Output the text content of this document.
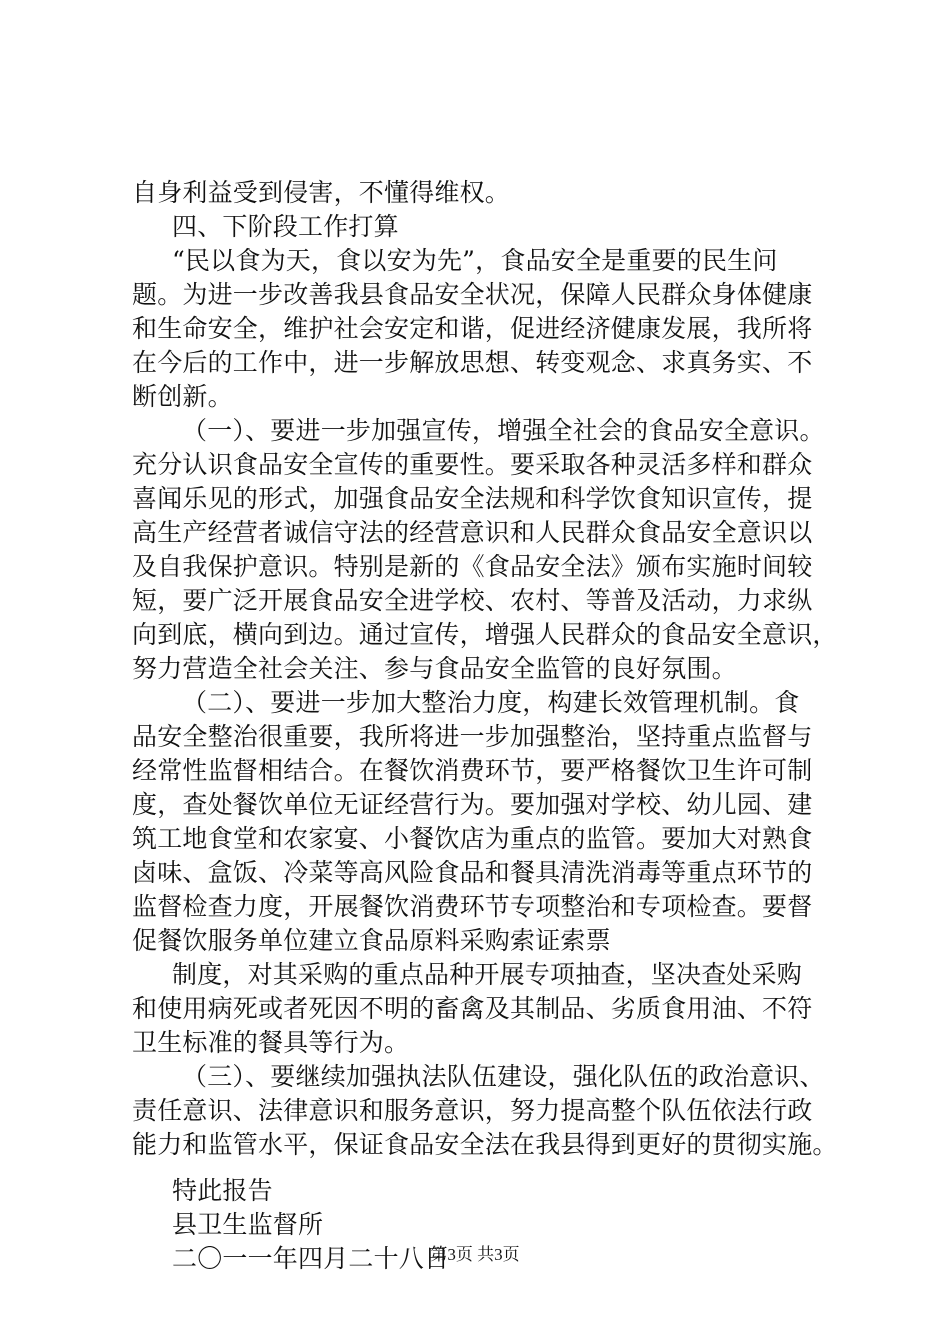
自身利益受到侵害，不懂得维权。
四、下阶段工作打算
“民以食为天，食以安为先”，食品安全是重要的民生问
题。为进一步改善我县食品安全状况，保障人民群众身体健康
和生命安全，维护社会安定和谐，促进经济健康发展，我所将
在今后的工作中，进一步解放思想、转变观念、求真务实、不
断创新。
（一）、要进一步加强宣传，增强全社会的食品安全意识。
充分认识食品安全宣传的重要性。要采取各种灵活多样和群众
喜闻乐见的形式，加强食品安全法规和科学饮食知识宣传，提
高生产经营者诚信守法的经营意识和人民群众食品安全意识以
及自我保护意识。特别是新的《食品安全法》颁布实施时间较
短，要广泛开展食品安全进学校、农村、等普及活动，力求纵
向到底，横向到边。通过宣传，增强人民群众的食品安全意识，
努力营造全社会关注、参与食品安全监管的良好氛围。
（二）、要进一步加大整治力度，构建长效管理机制。食
品安全整治很重要，我所将进一步加强整治，坚持重点监督与
经常性监督相结合。在餐饮消费环节，要严格餐饮卫生许可制
度，查处餐饮单位无证经营行为。要加强对学校、幼儿园、建
筑工地食堂和农家宴、小餐饮店为重点的监管。要加大对熟食
卤味、盒饭、冷菜等高风险食品和餐具清洗消毒等重点环节的
监督检查力度，开展餐饮消费环节专项整治和专项检查。要督
促餐饮服务单位建立食品原料采购索证索票
制度，对其采购的重点品种开展专项抽查，坚决查处采购
和使用病死或者死因不明的畜禽及其制品、劣质食用油、不符
卫生标准的餐具等行为。
（三）、要继续加强执法队伍建设，强化队伍的政治意识、
责任意识、法律意识和服务意识，努力提高整个队伍依法行政
能力和监管水平，保证食品安全法在我县得到更好的贯彻实施。
特此报告
县卫生监督所
二〇一一年四月二十八日
第3页 共3页
